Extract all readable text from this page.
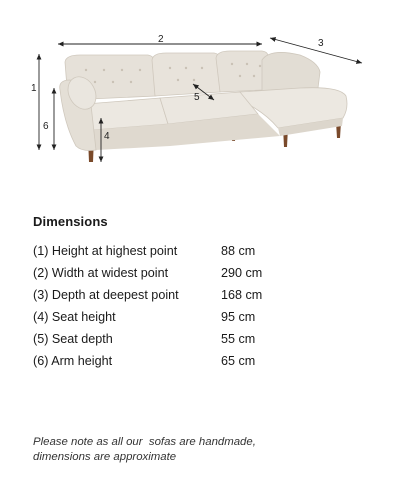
2	3
1
6
4
5
Dimensions
(1) Height at highest point	88 cm
(2) Width at widest point	290 cm
(3) Depth at deepest point	168 cm
(4) Seat height	95 cm
(5) Seat depth	55 cm
(6) Arm height	65 cm
Please note as all our  sofas are handmade,
dimensions are approximate
